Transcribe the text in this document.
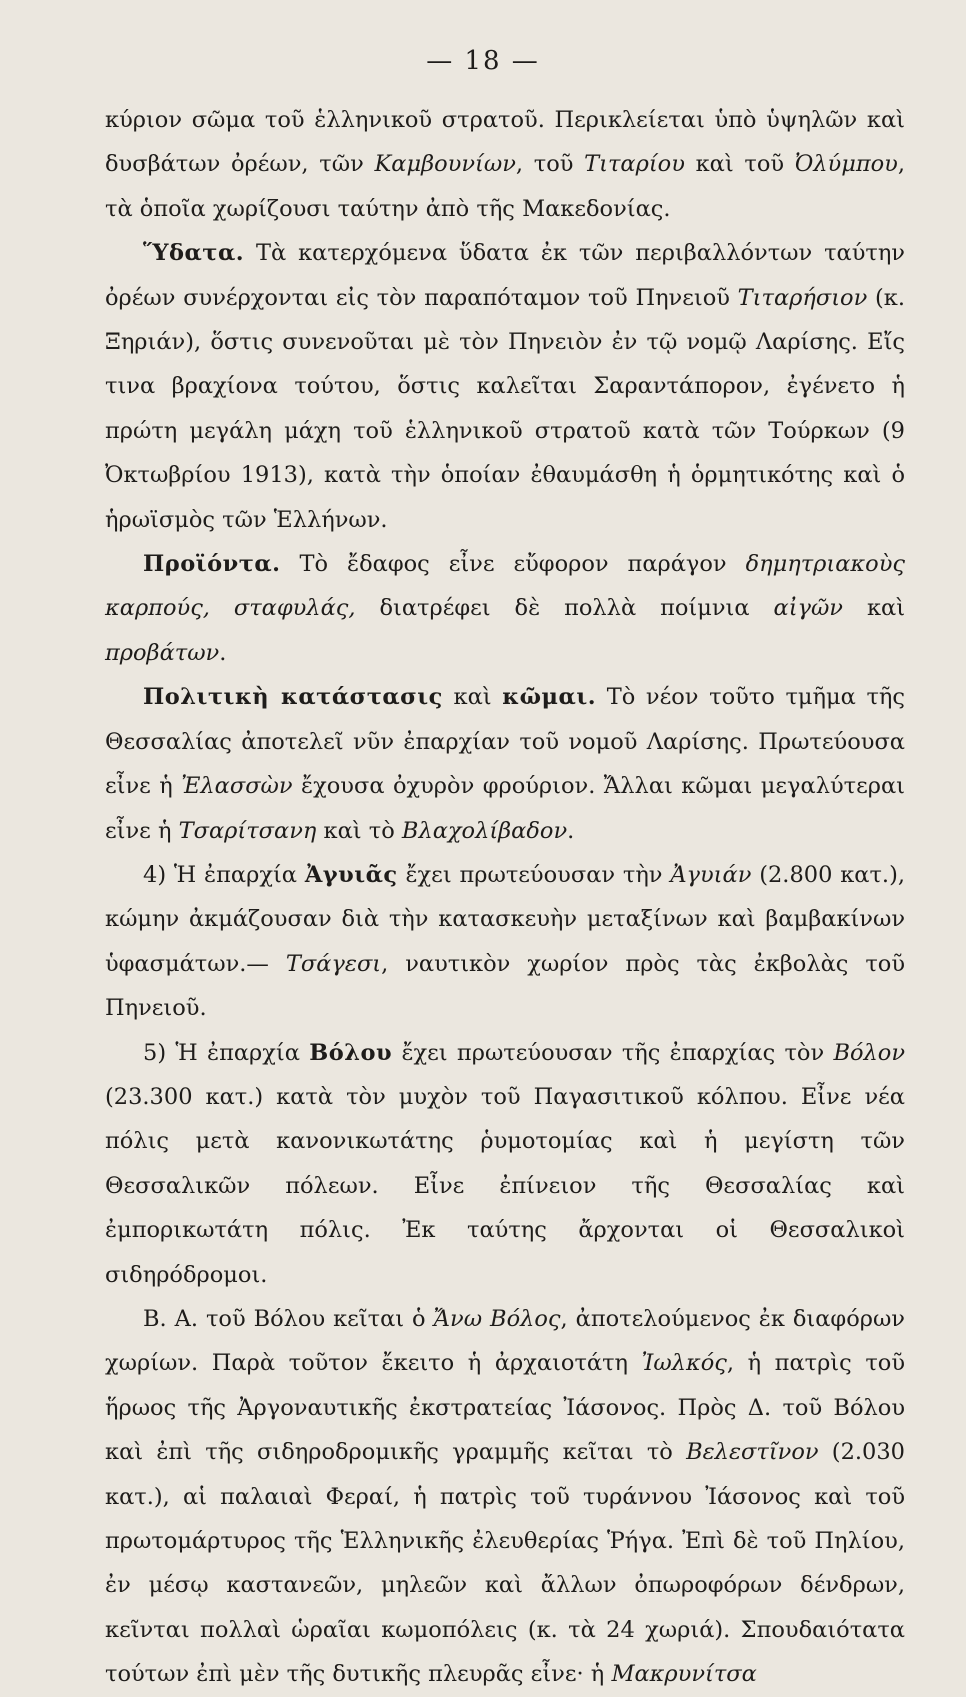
— 18 —

κύριον σῶμα τοῦ ἑλληνικοῦ στρατοῦ. Περικλείεται ὑπὸ ὑψηλῶν καὶ δυσβάτων ὀρέων, τῶν Καμβουνίων, τοῦ Τιταρίου καὶ τοῦ Ὀλύμπου, τὰ ὁποῖα χωρίζουσι ταύτην ἀπὸ τῆς Μακεδονίας.

Ὕδατα. Τὰ κατερχόμενα ὕδατα ἐκ τῶν περιβαλλόντων ταύτην ὀρέων συνέρχονται εἰς τὸν παραπόταμον τοῦ Πηνειοῦ Τιταρήσιον (κ. Ξηριάν), ὅστις συνενοῦται μὲ τὸν Πηνειὸν ἐν τῷ νομῷ Λαρίσης. Εἴς τινα βραχίονα τούτου, ὅστις καλεῖται Σαραντάπορον, ἐγένετο ἡ πρώτη μεγάλη μάχη τοῦ ἑλληνικοῦ στρατοῦ κατὰ τῶν Τούρκων (9 Ὀκτωβρίου 1913), κατὰ τὴν ὁποίαν ἐθαυμάσθη ἡ ὁρμητικότης καὶ ὁ ἡρωϊσμὸς τῶν Ἑλλήνων.

Προϊόντα. Τὸ ἔδαφος εἶνε εὔφορον παράγον δημητριακοὺς καρπούς, σταφυλάς, διατρέφει δὲ πολλὰ ποίμνια αἰγῶν καὶ προβάτων.

Πολιτικὴ κατάστασις καὶ κῶμαι. Τὸ νέον τοῦτο τμῆμα τῆς Θεσσαλίας ἀποτελεῖ νῦν ἐπαρχίαν τοῦ νομοῦ Λαρίσης. Πρωτεύουσα εἶνε ἡ Ἐλασσὼν ἔχουσα ὀχυρὸν φρούριον. Ἄλλαι κῶμαι μεγαλύτεραι εἶνε ἡ Τσαρίτσανη καὶ τὸ Βλαχολίβαδον.

4) Ἡ ἐπαρχία Ἀγυιᾶς ἔχει πρωτεύουσαν τὴν Ἀγυιάν (2.800 κατ.), κώμην ἀκμάζουσαν διὰ τὴν κατασκευὴν μεταξίνων καὶ βαμβακίνων ὑφασμάτων.— Τσάγεσι, ναυτικὸν χωρίον πρὸς τὰς ἐκβολὰς τοῦ Πηνειοῦ.

5) Ἡ ἐπαρχία Βόλου ἔχει πρωτεύουσαν τῆς ἐπαρχίας τὸν Βόλον (23.300 κατ.) κατὰ τὸν μυχὸν τοῦ Παγασιτικοῦ κόλπου. Εἶνε νέα πόλις μετὰ κανονικωτάτης ῥυμοτομίας καὶ ἡ μεγίστη τῶν Θεσσαλικῶν πόλεων. Εἶνε ἐπίνειον τῆς Θεσσαλίας καὶ ἐμπορικωτάτη πόλις. Ἐκ ταύτης ἄρχονται οἱ Θεσσαλικοὶ σιδηρόδρομοι.

Β. Α. τοῦ Βόλου κεῖται ὁ Ἄνω Βόλος, ἀποτελούμενος ἐκ διαφόρων χωρίων. Παρὰ τοῦτον ἔκειτο ἡ ἀρχαιοτάτη Ἰωλκός, ἡ πατρὶς τοῦ ἥρωος τῆς Ἀργοναυτικῆς ἐκστρατείας Ἰάσονος. Πρὸς Δ. τοῦ Βόλου καὶ ἐπὶ τῆς σιδηροδρομικῆς γραμμῆς κεῖται τὸ Βελεστῖνον (2.030 κατ.), αἱ παλαιαὶ Φεραί, ἡ πατρὶς τοῦ τυράννου Ἰάσονος καὶ τοῦ πρωτομάρτυρος τῆς Ἑλληνικῆς ἐλευθερίας Ῥήγα. Ἐπὶ δὲ τοῦ Πηλίου, ἐν μέσῳ καστανεῶν, μηλεῶν καὶ ἄλλων ὀπωροφόρων δένδρων, κεῖνται πολλαὶ ὡραῖαι κωμοπόλεις (κ. τὰ 24 χωριά). Σπουδαιότατα τούτων ἐπὶ μὲν τῆς δυτικῆς πλευρᾶς εἶνε· ἡ Μακρυνίτσα
